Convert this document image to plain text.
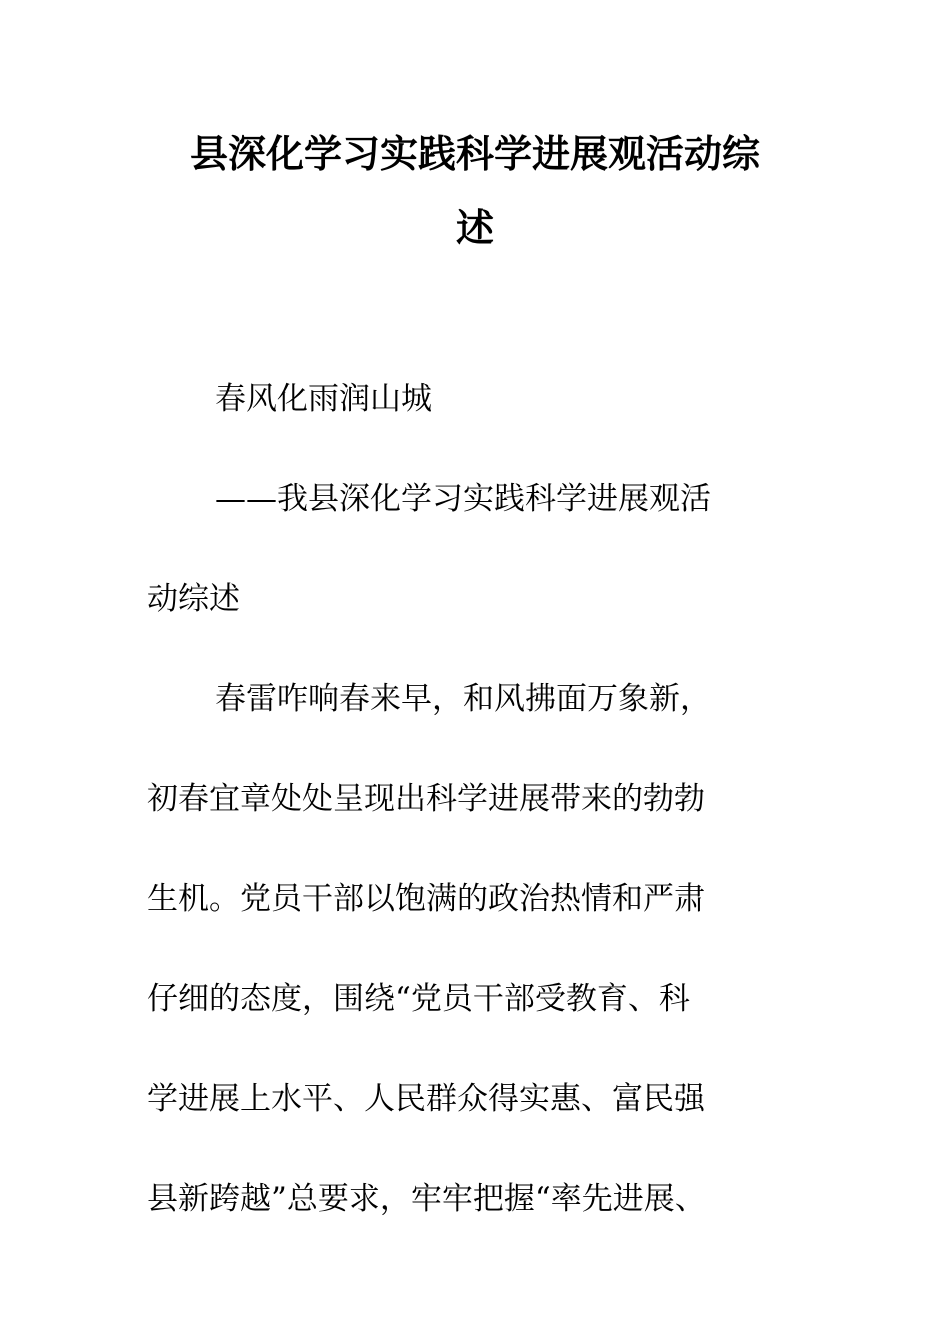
县深化学习实践科学进展观活动综
述

春风化雨润山城

——我县深化学习实践科学进展观活

动综述

春雷咋响春来早，和风拂面万象新，

初春宜章处处呈现出科学进展带来的勃勃

生机。党员干部以饱满的政治热情和严肃

仔细的态度，围绕“党员干部受教育、科

学进展上水平、人民群众得实惠、富民强

县新跨越”总要求，牢牢把握“率先进展、
